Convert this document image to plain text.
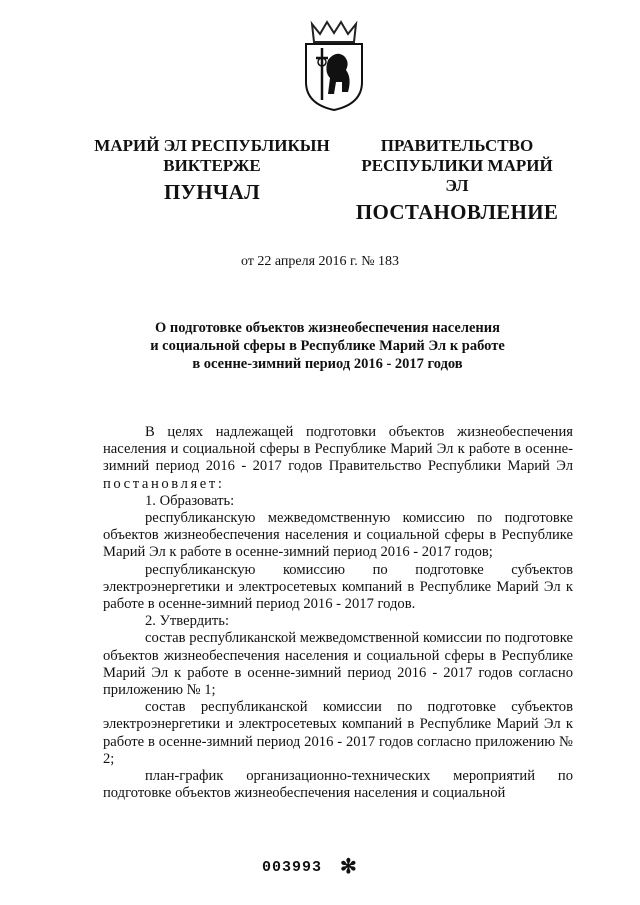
МАРИЙ ЭЛ РЕСПУБЛИКЫН
ВИКТЕРЖЕ
ПУНЧАЛ
ПРАВИТЕЛЬСТВО
РЕСПУБЛИКИ МАРИЙ ЭЛ
ПОСТАНОВЛЕНИЕ
от 22 апреля 2016 г. № 183
О подготовке объектов жизнеобеспечения населения
и социальной сферы в Республике Марий Эл к работе
в осенне-зимний период 2016 - 2017 годов

В целях надлежащей подготовки объектов жизнеобеспечения населения и социальной сферы в Республике Марий Эл к работе в осенне-зимний период 2016 - 2017 годов Правительство Республики Марий Эл постановляет:

1. Образовать:

республиканскую межведомственную комиссию по подготовке объектов жизнеобеспечения населения и социальной сферы в Республике Марий Эл к работе в осенне-зимний период 2016 - 2017 годов;

республиканскую комиссию по подготовке субъектов электроэнергетики и электросетевых компаний в Республике Марий Эл к работе в осенне-зимний период 2016 - 2017 годов.

2. Утвердить:

состав республиканской межведомственной комиссии по подготовке объектов жизнеобеспечения населения и социальной сферы в Республике Марий Эл к работе в осенне-зимний период 2016 - 2017 годов согласно приложению № 1;

состав республиканской комиссии по подготовке субъектов электроэнергетики и электросетевых компаний в Республике Марий Эл к работе в осенне-зимний период 2016 - 2017 годов согласно приложению № 2;

план-график организационно-технических мероприятий по подготовке объектов жизнеобеспечения населения и социальной

003993 ✻
